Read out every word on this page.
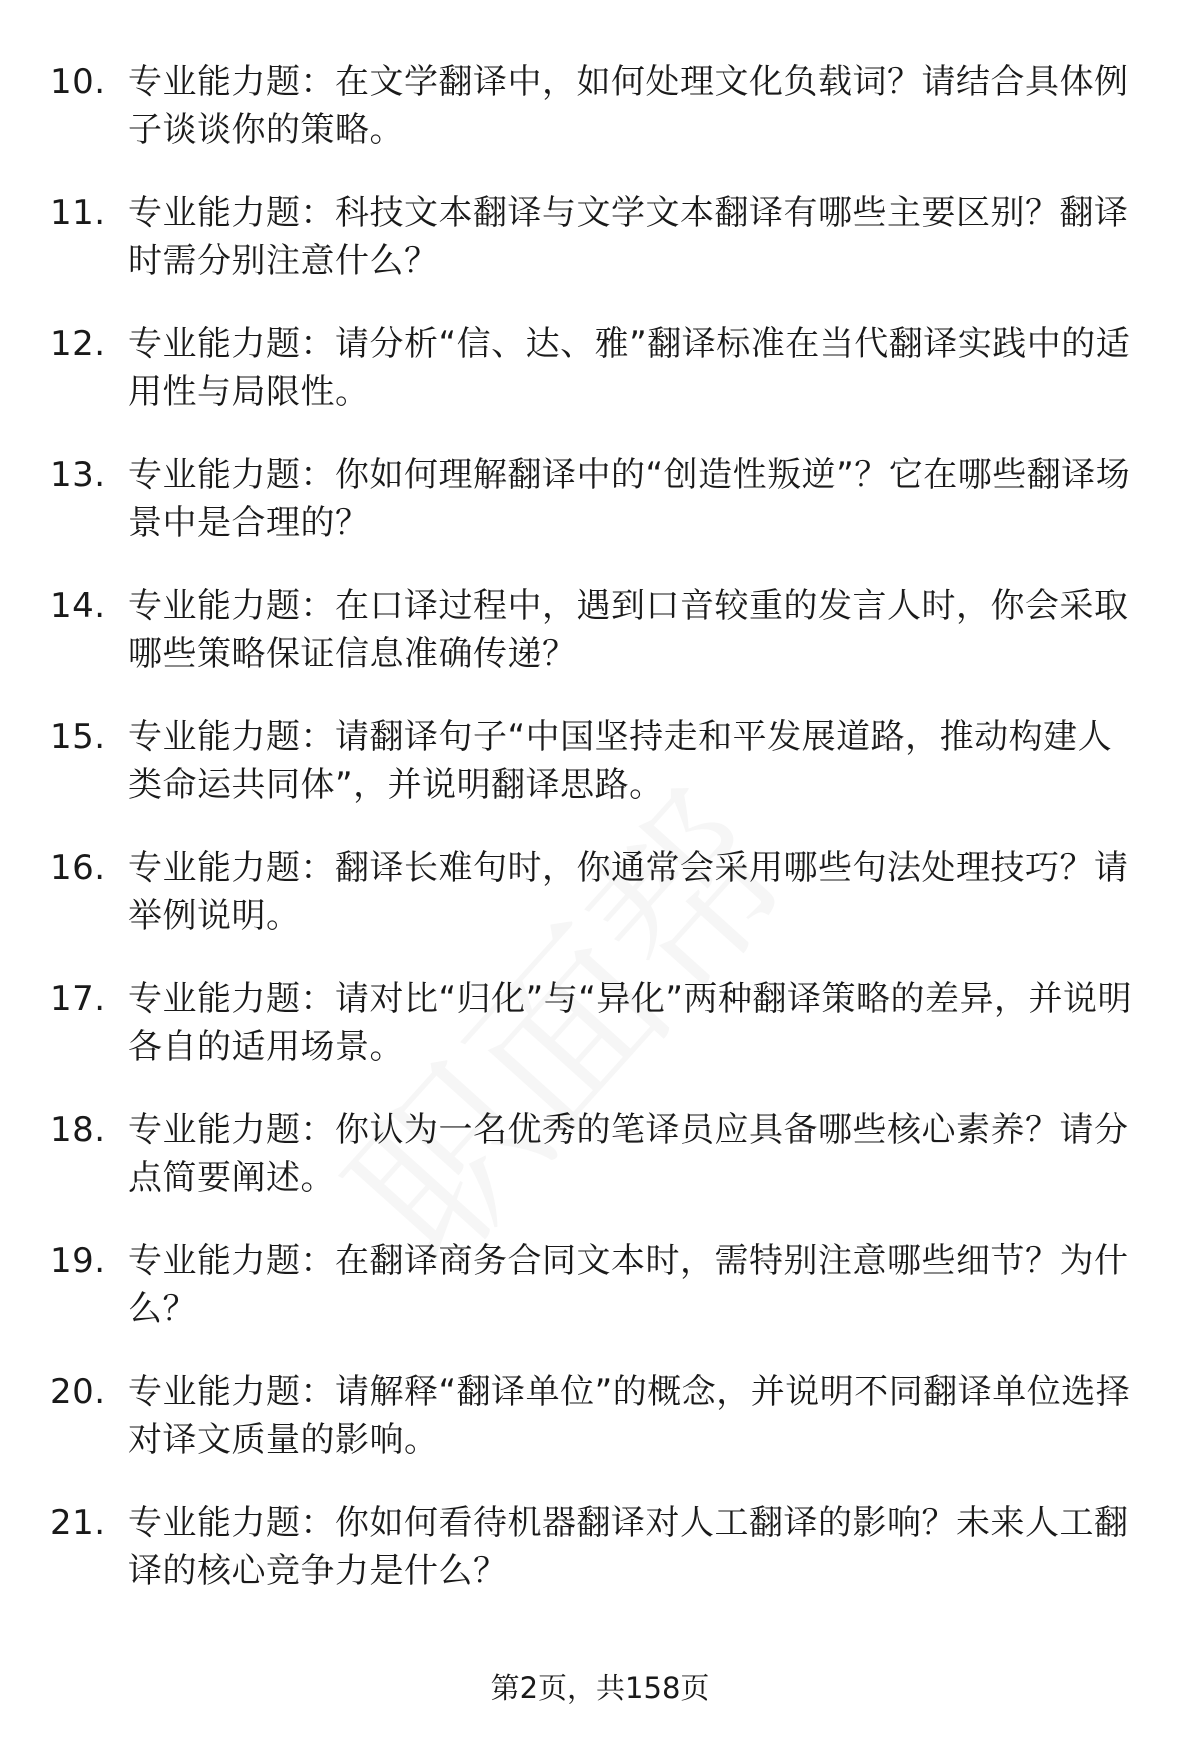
10. 专业能力题：在文学翻译中，如何处理文化负载词？请结合具体例子谈谈你的策略。
11. 专业能力题：科技文本翻译与文学文本翻译有哪些主要区别？翻译时需分别注意什么？
12. 专业能力题：请分析“信、达、雅”翻译标准在当代翻译实践中的适用性与局限性。
13. 专业能力题：你如何理解翻译中的“创造性叛逆”？它在哪些翻译场景中是合理的？
14. 专业能力题：在口译过程中，遇到口音较重的发言人时，你会采取哪些策略保证信息准确传递？
15. 专业能力题：请翻译句子“中国坚持走和平发展道路，推动构建人类命运共同体”，并说明翻译思路。
16. 专业能力题：翻译长难句时，你通常会采用哪些句法处理技巧？请举例说明。
17. 专业能力题：请对比“归化”与“异化”两种翻译策略的差异，并说明各自的适用场景。
18. 专业能力题：你认为一名优秀的笔译员应具备哪些核心素养？请分点简要阐述。
19. 专业能力题：在翻译商务合同文本时，需特别注意哪些细节？为什么？
20. 专业能力题：请解释“翻译单位”的概念，并说明不同翻译单位选择对译文质量的影响。
21. 专业能力题：你如何看待机器翻译对人工翻译的影响？未来人工翻译的核心竞争力是什么？
第2页，共158页
